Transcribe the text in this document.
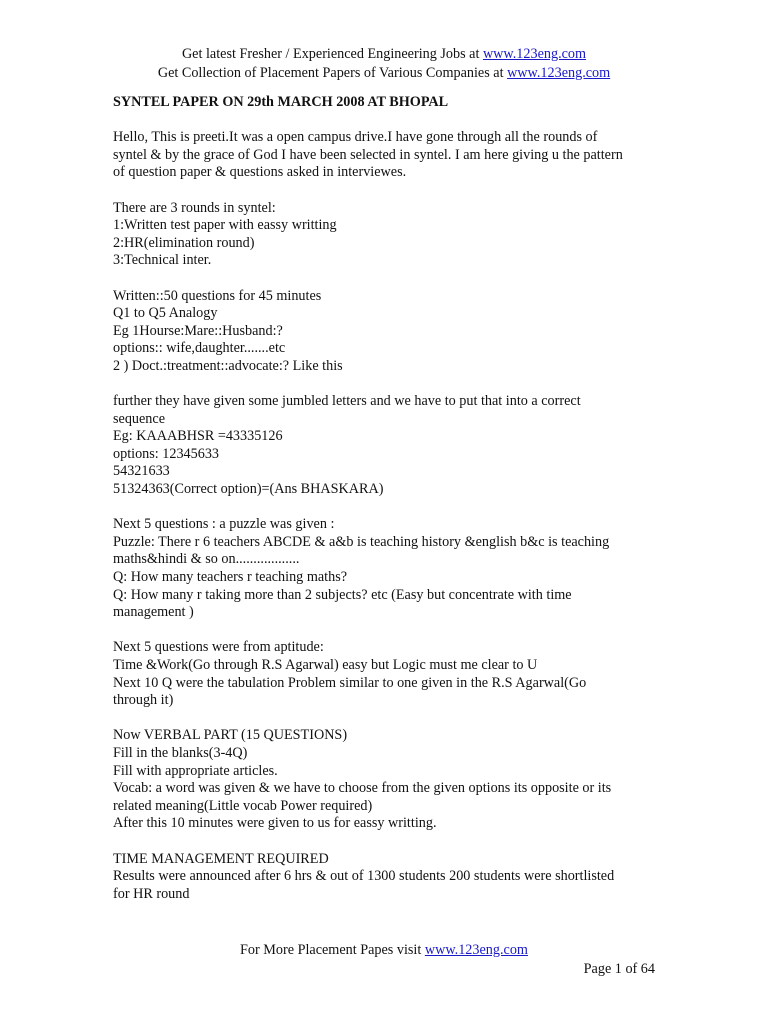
Get latest Fresher / Experienced Engineering Jobs at www.123eng.com
Get Collection of Placement Papers of Various Companies at www.123eng.com
SYNTEL PAPER ON 29th MARCH 2008 AT BHOPAL
Hello, This is preeti.It was a open campus drive.I have gone through all the rounds of
syntel & by the grace of God I have been selected in syntel. I am here giving u the pattern
of question paper & questions asked in interviewes.
There are 3 rounds in syntel:
1:Written test paper with eassy writting
2:HR(elimination round)
3:Technical inter.
Written::50 questions for 45 minutes
Q1 to Q5 Analogy
Eg 1Hourse:Mare::Husband:?
options:: wife,daughter.......etc
2 ) Doct.:treatment::advocate:? Like this
further they have given some jumbled letters and we have to put that into a correct
sequence
Eg: KAAABHSR =43335126
options: 12345633
54321633
51324363(Correct option)=(Ans BHASKARA)
Next 5 questions : a puzzle was given :
Puzzle: There r 6 teachers ABCDE & a&b is teaching history &english b&c is teaching
maths&hindi & so on..................
Q: How many teachers r teaching maths?
Q: How many r taking more than 2 subjects? etc (Easy but concentrate with time
management )
Next 5 questions were from aptitude:
Time &Work(Go through R.S Agarwal) easy but Logic must me clear to U
Next 10 Q were the tabulation Problem similar to one given in the R.S Agarwal(Go
through it)
Now VERBAL PART (15 QUESTIONS)
Fill in the blanks(3-4Q)
Fill with appropriate articles.
Vocab: a word was given & we have to choose from the given options its opposite or its
related meaning(Little vocab Power required)
After this 10 minutes were given to us for eassy writting.
TIME MANAGEMENT REQUIRED
Results were announced after 6 hrs & out of 1300 students 200 students were shortlisted
for HR round
For More Placement Papes visit www.123eng.com
Page 1 of 64
